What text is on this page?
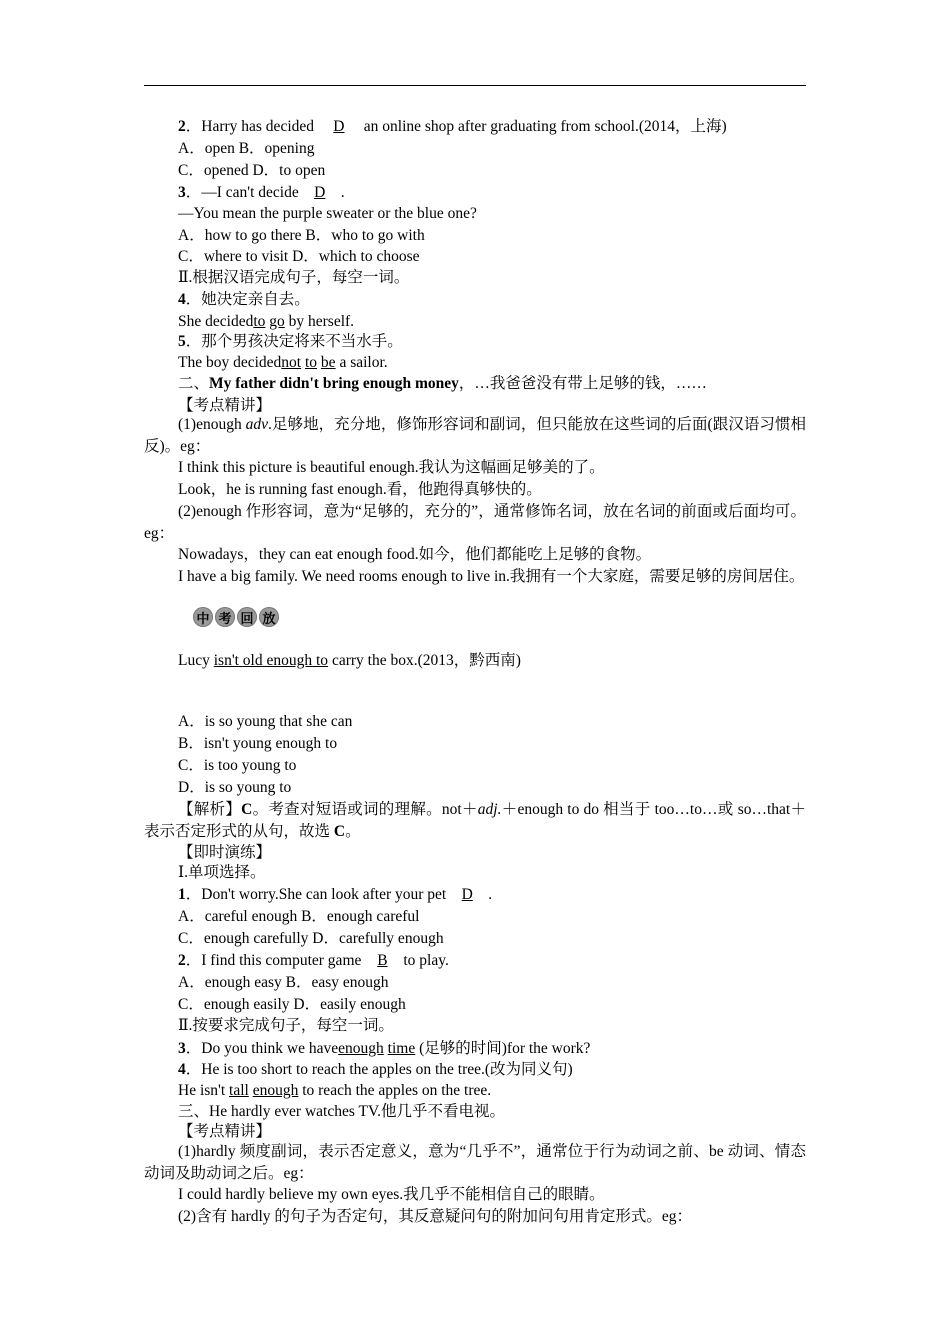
2．Harry has decided D an online shop after graduating from school.(2014，上海)
A．open B．opening
C．opened D．to open
3．—I can't decide D .
—You mean the purple sweater or the blue one?
A．how to go there B．who to go with
C．where to visit D．which to choose
Ⅱ.根据汉语完成句子，每空一词。
4．她决定亲自去。
She decidedto go by herself.
5．那个男孩决定将来不当水手。
The boy decidednot to be a sailor.
二、My father didn't bring enough money，…我爸爸没有带上足够的钱，……
【考点精讲】
(1)enough adv.足够地，充分地，修饰形容词和副词，但只能放在这些词的后面(跟汉语习惯相反)。eg：
I think this picture is beautiful enough.我认为这幅画足够美的了。
Look，he is running fast enough.看，他跑得真够快的。
(2)enough 作形容词，意为“足够的，充分的”，通常修饰名词，放在名词的前面或后面均可。eg：
Nowadays，they can eat enough food.如今，他们都能吃上足够的食物。
I have a big family. We need rooms enough to live in.我拥有一个大家庭，需要足够的房间居住。
中 考 回 放
Lucy isn't old enough to carry the box.(2013，黔西南)
A．is so young that she can
B．isn't young enough to
C．is too young to
D．is so young to
【解析】C。考查对短语或词的理解。not＋adj.＋enough to do 相当于 too…to…或 so…that＋表示否定形式的从句，故选 C。
【即时演练】
Ⅰ.单项选择。
1．Don't worry.She can look after your pet D .
A．careful enough B．enough careful
C．enough carefully D．carefully enough
2．I find this computer game B to play.
A．enough easy B．easy enough
C．enough easily D．easily enough
Ⅱ.按要求完成句子，每空一词。
3．Do you think we haveenough time (足够的时间)for the work?
4．He is too short to reach the apples on the tree.(改为同义句)
He isn't tall enough to reach the apples on the tree.
三、He hardly ever watches TV.他几乎不看电视。
【考点精讲】
(1)hardly 频度副词，表示否定意义，意为“几乎不”，通常位于行为动词之前、be 动词、情态动词及助动词之后。eg：
I could hardly believe my own eyes.我几乎不能相信自己的眼睛。
(2)含有 hardly 的句子为否定句，其反意疑问句的附加问句用肯定形式。eg：
